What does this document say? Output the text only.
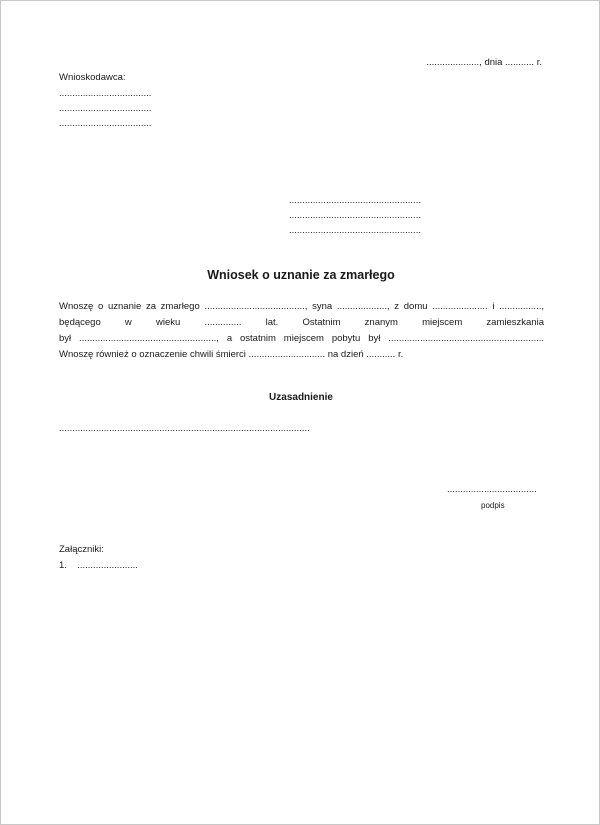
...................., dnia ........... r.
Wnioskodawca:
...................................
...................................
...................................
..................................................
..................................................
..................................................
Wniosek o uznanie za zmarłego
Wnoszę o uznanie za zmarłego ......................................, syna ..................., z domu ..................... i ................,
będącego w wieku .............. lat. Ostatnim znanym miejscem zamieszkania
był ...................................................., a ostatnim miejscem pobytu był ...........................................................
Wnoszę również o oznaczenie chwili śmierci ............................. na dzień ........... r.
Uzasadnienie
...............................................................................................
..................................
podpis
Załączniki:
1. .......................
